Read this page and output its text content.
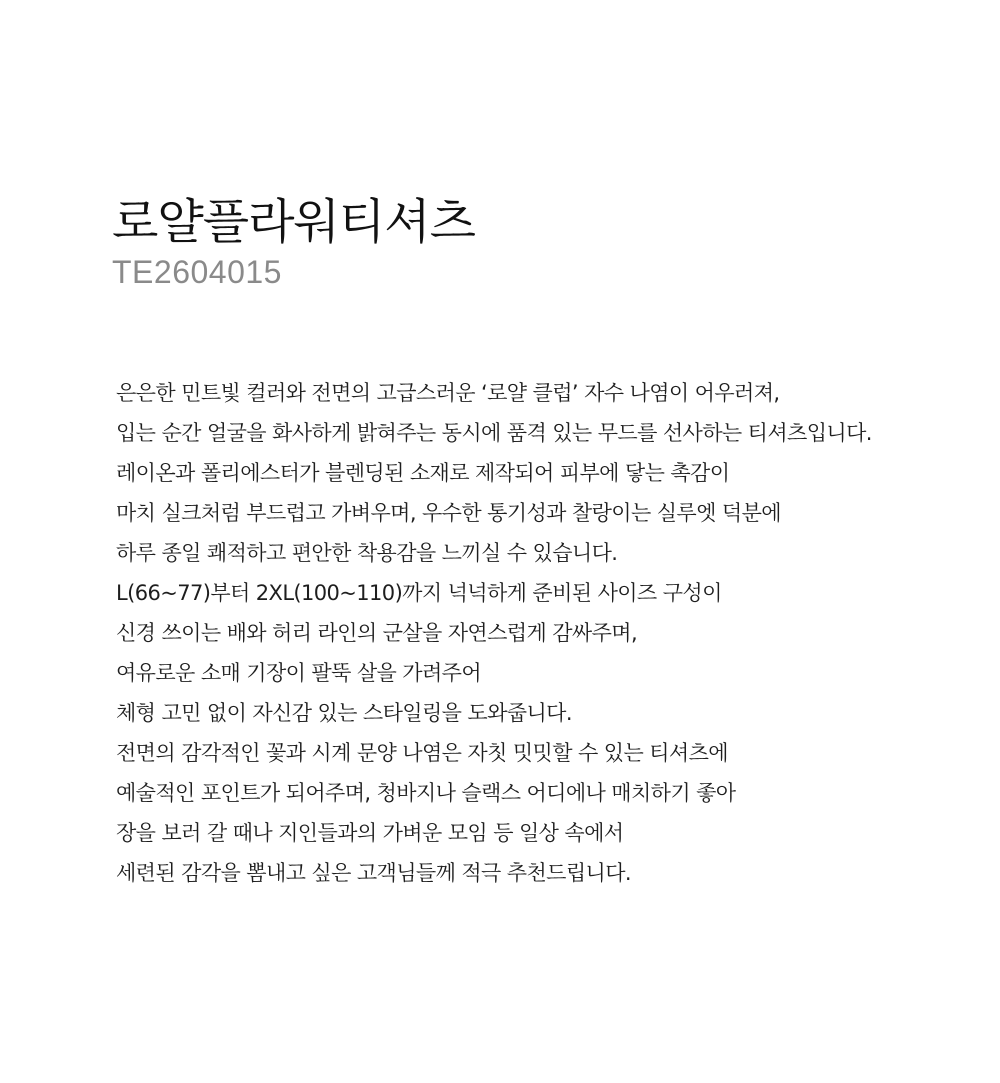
로얄플라워티셔츠
TE2604015
은은한 민트빛 컬러와 전면의 고급스러운 ‘로얄 클럽’ 자수 나염이 어우러져,
입는 순간 얼굴을 화사하게 밝혀주는 동시에 품격 있는 무드를 선사하는 티셔츠입니다.
레이온과 폴리에스터가 블렌딩된 소재로 제작되어 피부에 닿는 촉감이
마치 실크처럼 부드럽고 가벼우며, 우수한 통기성과 찰랑이는 실루엣 덕분에
하루 종일 쾌적하고 편안한 착용감을 느끼실 수 있습니다.
L(66~77)부터 2XL(100~110)까지 넉넉하게 준비된 사이즈 구성이
신경 쓰이는 배와 허리 라인의 군살을 자연스럽게 감싸주며,
여유로운 소매 기장이 팔뚝 살을 가려주어
체형 고민 없이 자신감 있는 스타일링을 도와줍니다.
전면의 감각적인 꽃과 시계 문양 나염은 자칫 밋밋할 수 있는 티셔츠에
예술적인 포인트가 되어주며, 청바지나 슬랙스 어디에나 매치하기 좋아
장을 보러 갈 때나 지인들과의 가벼운 모임 등 일상 속에서
세련된 감각을 뽐내고 싶은 고객님들께 적극 추천드립니다.
